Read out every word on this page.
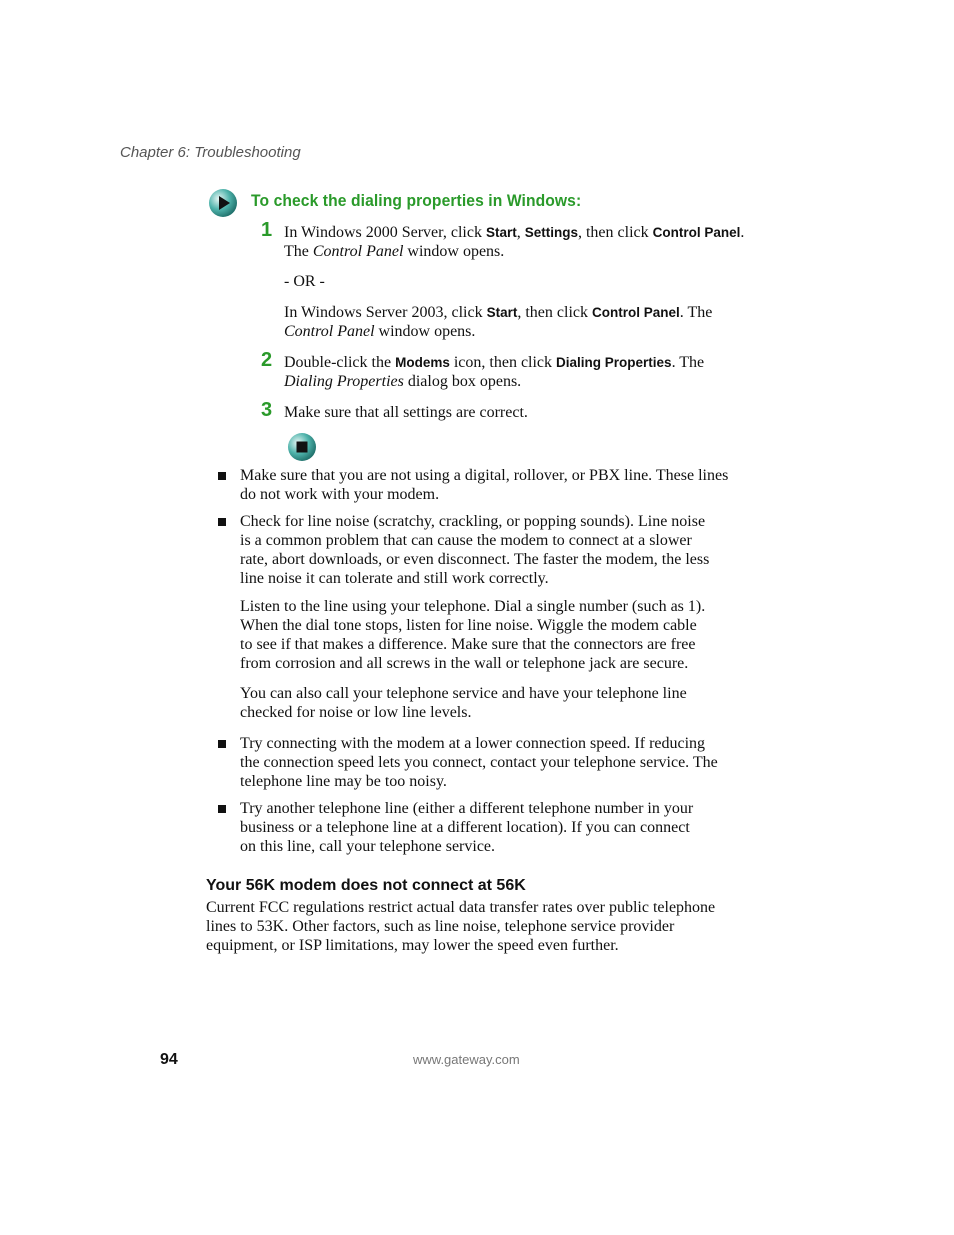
Chapter 6: Troubleshooting
To check the dialing properties in Windows:
1 In Windows 2000 Server, click Start, Settings, then click Control Panel.
The Control Panel window opens.
- OR -
In Windows Server 2003, click Start, then click Control Panel. The
Control Panel window opens.
2 Double-click the Modems icon, then click Dialing Properties. The
Dialing Properties dialog box opens.
3 Make sure that all settings are correct.
Make sure that you are not using a digital, rollover, or PBX line. These lines
do not work with your modem.
Check for line noise (scratchy, crackling, or popping sounds). Line noise
is a common problem that can cause the modem to connect at a slower
rate, abort downloads, or even disconnect. The faster the modem, the less
line noise it can tolerate and still work correctly.
Listen to the line using your telephone. Dial a single number (such as 1).
When the dial tone stops, listen for line noise. Wiggle the modem cable
to see if that makes a difference. Make sure that the connectors are free
from corrosion and all screws in the wall or telephone jack are secure.
You can also call your telephone service and have your telephone line
checked for noise or low line levels.
Try connecting with the modem at a lower connection speed. If reducing
the connection speed lets you connect, contact your telephone service. The
telephone line may be too noisy.
Try another telephone line (either a different telephone number in your
business or a telephone line at a different location). If you can connect
on this line, call your telephone service.
Your 56K modem does not connect at 56K
Current FCC regulations restrict actual data transfer rates over public telephone
lines to 53K. Other factors, such as line noise, telephone service provider
equipment, or ISP limitations, may lower the speed even further.
94	www.gateway.com
